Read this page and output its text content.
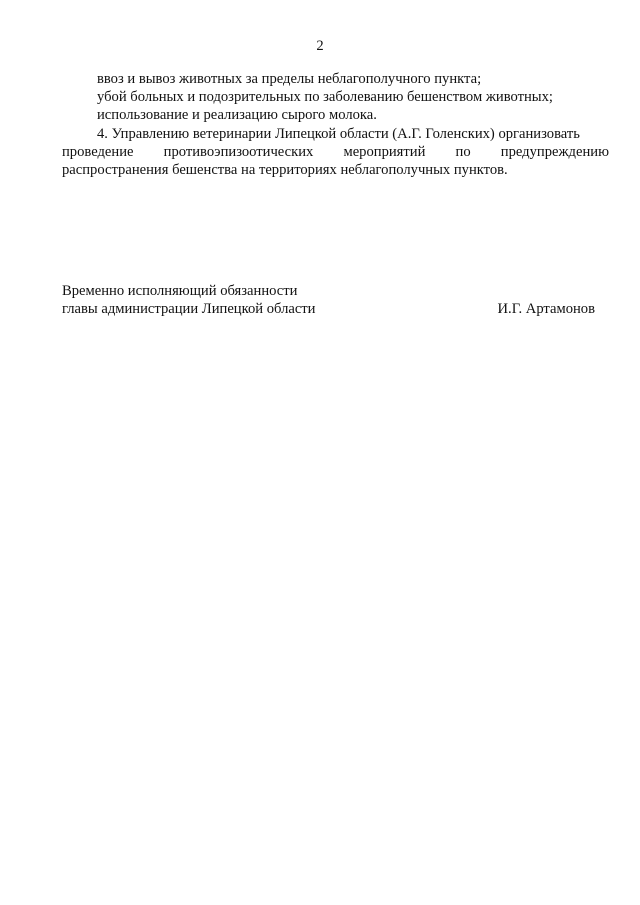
2

ввоз и вывоз животных за пределы неблагополучного пункта;

убой больных и подозрительных по заболеванию бешенством животных;

использование и реализацию сырого молока.

4. Управлению ветеринарии Липецкой области (А.Г. Голенских) организовать

проведение противоэпизоотических мероприятий по предупреждению
распространения бешенства на территориях неблагополучных пунктов.
Временно исполняющий обязанности
главы администрации Липецкой области	И.Г. Артамонов
